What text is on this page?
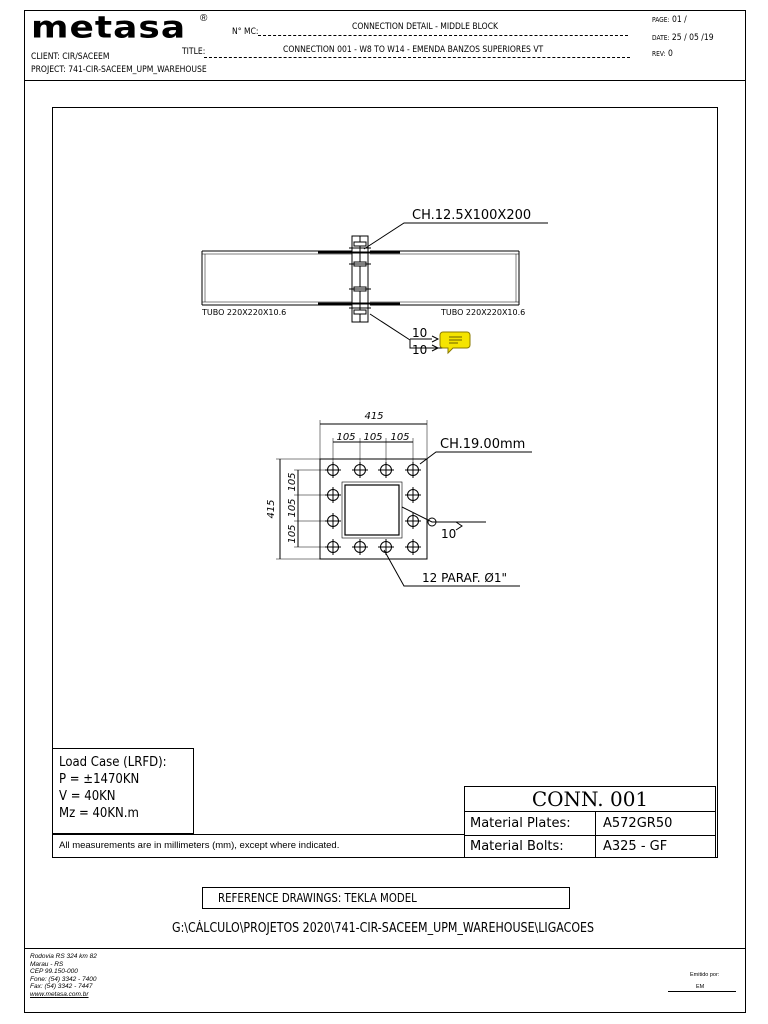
metasa ®
CLIENT: CIR/SACEEM
PROJECT: 741-CIR-SACEEM_UPM_WAREHOUSE
N° MC:	CONNECTION DETAIL - MIDDLE BLOCK
TITLE:	CONNECTION 001 - W8 TO W14 - EMENDA BANZOS SUPERIORES VT
PAGE: 01 /
DATE: 25 / 05 /19
REV: 0
CH.12.5X100X200
TUBO 220X220X10.6	TUBO 220X220X10.6
10
10
415
105 105 105 CH.19.00mm
415
105
105
105
10
12 PARAF. Ø1"
Load Case (LRFD):
P = ±1470KN
V = 40KN
Mz = 40KN.m
All measurements are in millimeters (mm), except where indicated.
CONN. 001
Material Plates: A572GR50
Material Bolts:	A325 - GF
REFERENCE DRAWINGS: TEKLA MODEL
G:\CÁLCULO\PROJETOS 2020\741-CIR-SACEEM_UPM_WAREHOUSE\LIGACOES
Rodovia RS 324 km 82
Marau - RS
CEP 99.150-000
Fone: (54) 3342 - 7400
Fax: (54) 3342 - 7447
www.metasa.com.br
Emitido por:
EM
